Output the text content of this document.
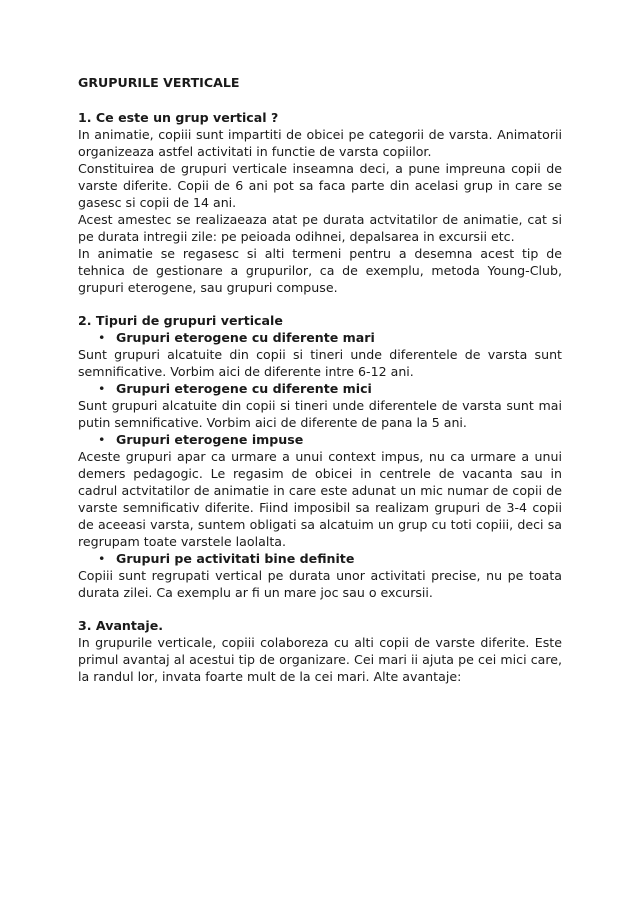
GRUPURILE VERTICALE

1. Ce este un grup vertical ?

In animatie, copiii sunt impartiti de obicei pe categorii de varsta. Animatorii organizeaza astfel activitati in functie de varsta copiilor.

Constituirea de grupuri verticale inseamna deci, a pune impreuna copii de varste diferite. Copii de 6 ani pot sa faca parte din acelasi grup in care se gasesc si copii de 14 ani.

Acest amestec se realizaeaza atat pe durata actvitatilor de animatie, cat si pe durata intregii zile: pe peioada odihnei, depalsarea in excursii etc.

In animatie se regasesc si alti termeni pentru a desemna acest tip de tehnica de gestionare a grupurilor, ca de exemplu, metoda Young-Club, grupuri eterogene, sau grupuri compuse.

2. Tipuri de grupuri verticale

• Grupuri eterogene cu diferente mari

Sunt grupuri alcatuite din copii si tineri unde diferentele de varsta sunt semnificative. Vorbim aici de diferente intre 6-12 ani.

• Grupuri eterogene cu diferente mici

Sunt grupuri alcatuite din copii si tineri unde diferentele de varsta sunt mai putin semnificative. Vorbim aici de diferente de pana la 5 ani.

• Grupuri eterogene impuse

Aceste grupuri apar ca urmare a unui context impus, nu ca urmare a unui demers pedagogic. Le regasim de obicei in centrele de vacanta sau in cadrul actvitatilor de animatie in care este adunat un mic numar de copii de varste semnificativ diferite. Fiind imposibil sa realizam grupuri de 3-4 copii de aceeasi varsta, suntem obligati sa alcatuim un grup cu toti copiii, deci sa regrupam toate varstele laolalta.

• Grupuri pe activitati bine definite

Copiii sunt regrupati vertical pe durata unor activitati precise, nu pe toata durata zilei. Ca exemplu ar fi un mare joc sau o excursii.

3. Avantaje.

In grupurile verticale, copiii colaboreza cu alti copii de varste diferite. Este primul avantaj al acestui tip de organizare. Cei mari ii ajuta pe cei mici care, la randul lor, invata foarte mult de la cei mari. Alte avantaje:
